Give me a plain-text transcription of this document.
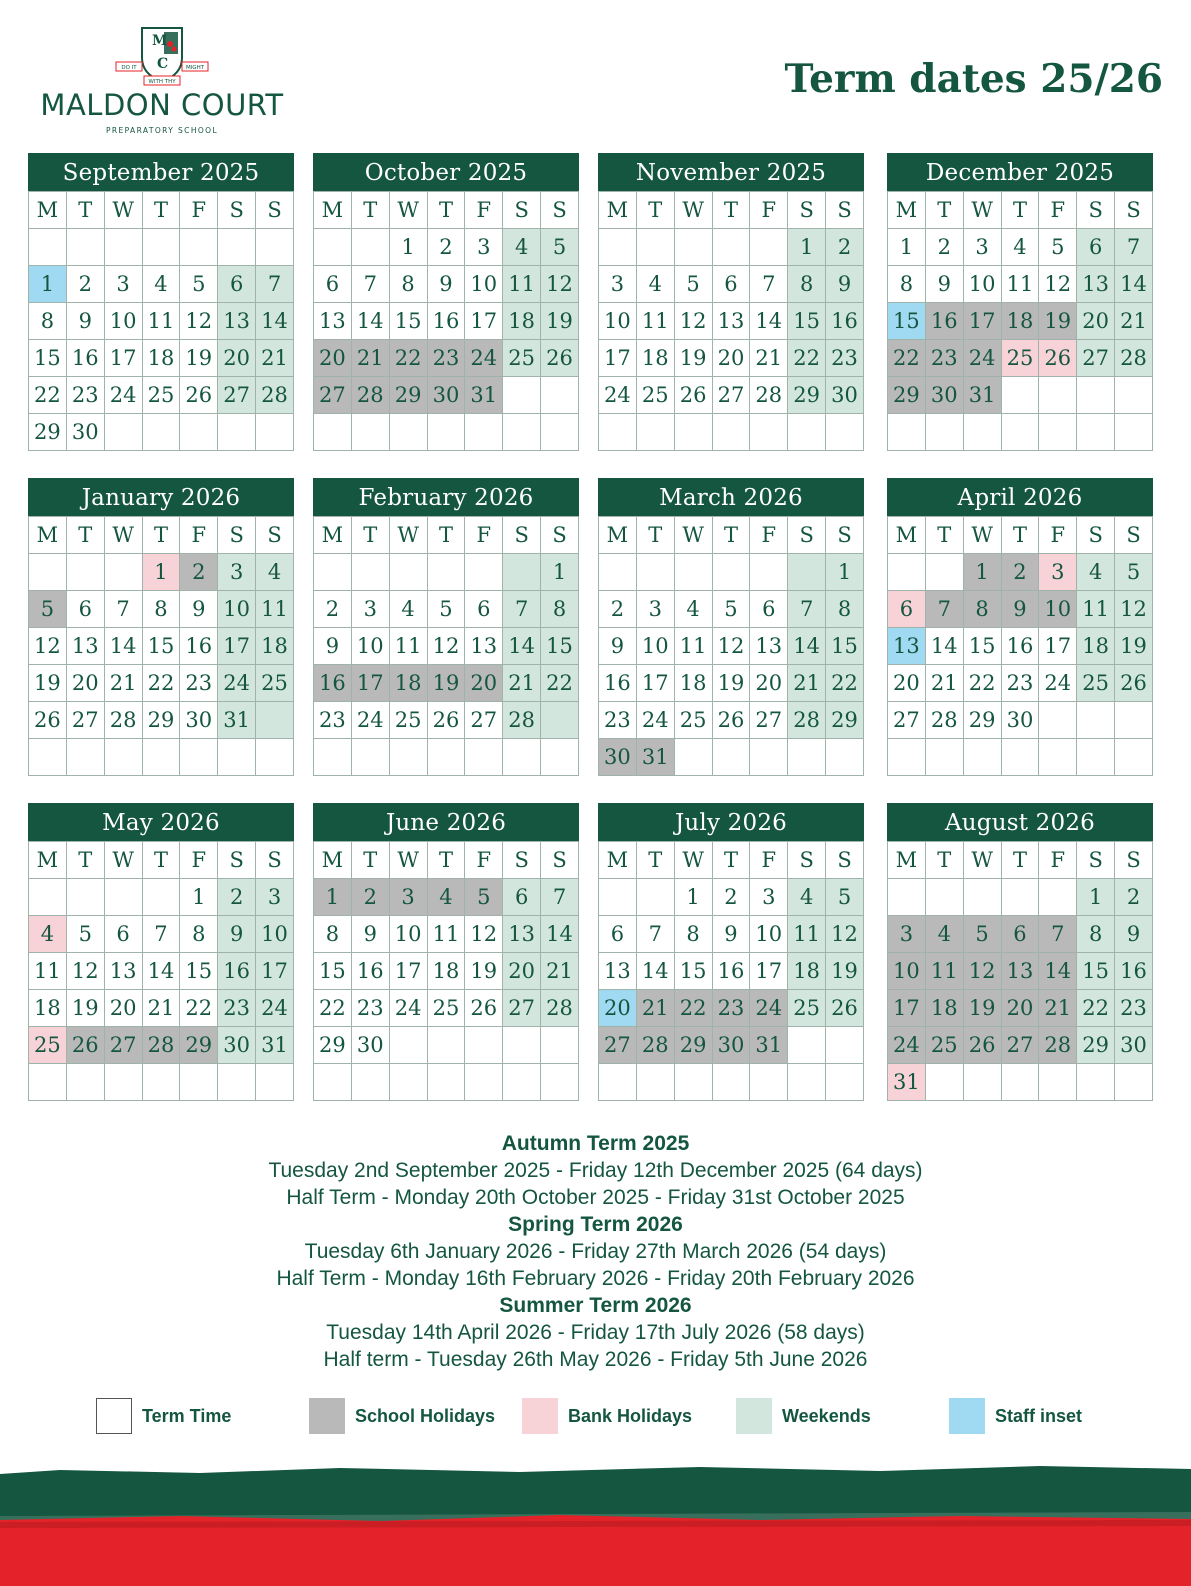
M
C
DO IT
WITH THY
MIGHT
MALDON COURT
PREPARATORY SCHOOL
Term dates 25/26
September 2025
M	T	W	T	F	S	S

1	2	3	4	5	6	7
8	9	10	11	12	13	14
15	16	17	18	19	20	21
22	23	24	25	26	27	28
29	30					
October 2025
M	T	W	T	F	S	S
		1	2	3	4	5
6	7	8	9	10	11	12
13	14	15	16	17	18	19
20	21	22	23	24	25	26
27	28	29	30	31		

November 2025
M	T	W	T	F	S	S
					1	2
3	4	5	6	7	8	9
10	11	12	13	14	15	16
17	18	19	20	21	22	23
24	25	26	27	28	29	30

December 2025
M	T	W	T	F	S	S
1	2	3	4	5	6	7
8	9	10	11	12	13	14
15	16	17	18	19	20	21
22	23	24	25	26	27	28
29	30	31				

January 2026
M	T	W	T	F	S	S
			1	2	3	4
5	6	7	8	9	10	11
12	13	14	15	16	17	18
19	20	21	22	23	24	25
26	27	28	29	30	31	

February 2026
M	T	W	T	F	S	S
						1
2	3	4	5	6	7	8
9	10	11	12	13	14	15
16	17	18	19	20	21	22
23	24	25	26	27	28	

March 2026
M	T	W	T	F	S	S
						1
2	3	4	5	6	7	8
9	10	11	12	13	14	15
16	17	18	19	20	21	22
23	24	25	26	27	28	29
30	31					
April 2026
M	T	W	T	F	S	S
		1	2	3	4	5
6	7	8	9	10	11	12
13	14	15	16	17	18	19
20	21	22	23	24	25	26
27	28	29	30			

May 2026
M	T	W	T	F	S	S
				1	2	3
4	5	6	7	8	9	10
11	12	13	14	15	16	17
18	19	20	21	22	23	24
25	26	27	28	29	30	31

June 2026
M	T	W	T	F	S	S
1	2	3	4	5	6	7
8	9	10	11	12	13	14
15	16	17	18	19	20	21
22	23	24	25	26	27	28
29	30					

July 2026
M	T	W	T	F	S	S
		1	2	3	4	5
6	7	8	9	10	11	12
13	14	15	16	17	18	19
20	21	22	23	24	25	26
27	28	29	30	31		

August 2026
M	T	W	T	F	S	S
					1	2
3	4	5	6	7	8	9
10	11	12	13	14	15	16
17	18	19	20	21	22	23
24	25	26	27	28	29	30
31						
Autumn Term 2025
Tuesday 2nd September 2025 - Friday 12th December 2025 (64 days)
Half Term - Monday 20th October 2025 - Friday 31st October 2025
Spring Term 2026
Tuesday 6th January 2026 - Friday 27th March 2026 (54 days)
Half Term - Monday 16th February 2026 - Friday 20th February 2026
Summer Term 2026
Tuesday 14th April 2026 - Friday 17th July 2026 (58 days)
Half term - Tuesday 26th May 2026 - Friday 5th June 2026
Term Time	School Holidays	Bank Holidays	Weekends	Staff inset
